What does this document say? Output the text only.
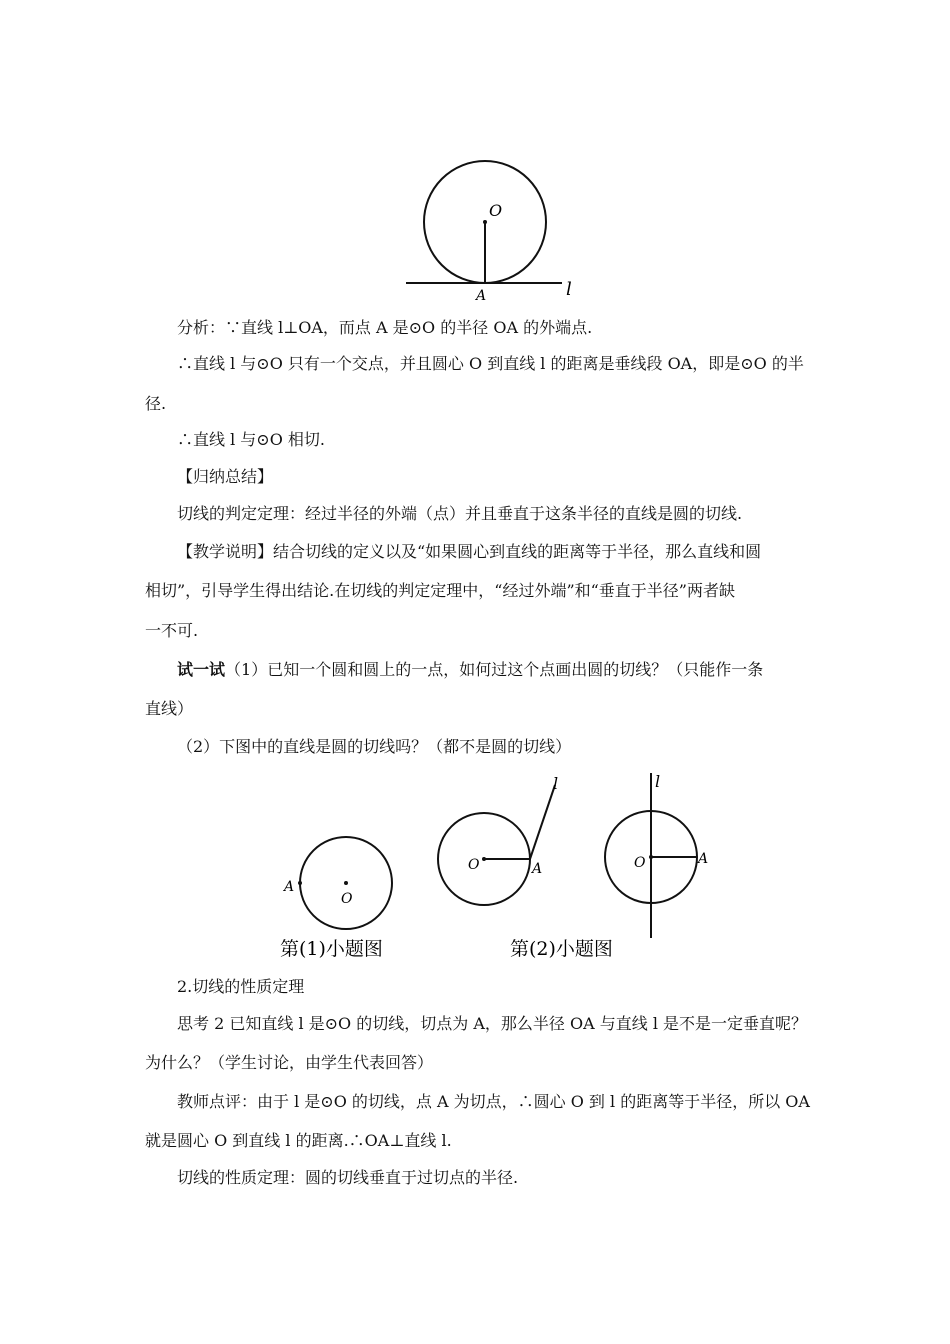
O
A	l

分析：∵直线 l⊥OA，而点 A 是⊙O 的半径 OA 的外端点.

∴直线 l 与⊙O 只有一个交点，并且圆心 O 到直线 l 的距离是垂线段 OA，即是⊙O 的半

径.

∴直线 l 与⊙O 相切.

【归纳总结】

切线的判定定理：经过半径的外端（点）并且垂直于这条半径的直线是圆的切线.

【教学说明】结合切线的定义以及“如果圆心到直线的距离等于半径，那么直线和圆

相切”，引导学生得出结论.在切线的判定定理中，“经过外端”和“垂直于半径”两者缺

一不可.

试一试（1）已知一个圆和圆上的一点，如何过这个点画出圆的切线？（只能作一条

直线）

（2）下图中的直线是圆的切线吗？（都不是圆的切线）

A
O
O	A
l
O	A
l
第(1)小题图	第(2)小题图

2.切线的性质定理

思考 2 已知直线 l 是⊙O 的切线，切点为 A，那么半径 OA 与直线 l 是不是一定垂直呢？

为什么？（学生讨论，由学生代表回答）

教师点评：由于 l 是⊙O 的切线，点 A 为切点，∴圆心 O 到 l 的距离等于半径，所以 OA

就是圆心 O 到直线 l 的距离.∴OA⊥直线 l.

切线的性质定理：圆的切线垂直于过切点的半径.
